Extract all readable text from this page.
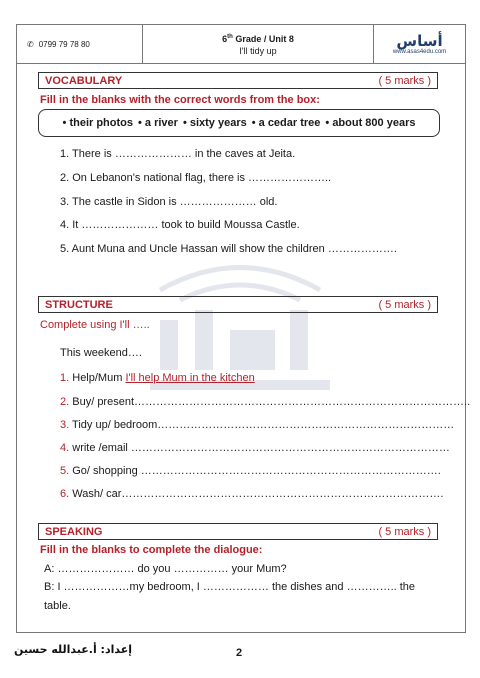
✆ 0799 79 78 80	6th Grade / Unit 8
I'll tidy up
أساس
www.asas4edu.com
VOCABULARY	( 5 marks )
Fill in the blanks with the correct words from the box:
• their photos • a river • sixty years • a cedar tree • about 800 years
1. There is ………………… in the caves at Jeita.
2. On Lebanon's national flag, there is …………………..
3. The castle in Sidon is ………………… old.
4. It ………………… took to build Moussa Castle.
5. Aunt Muna and Uncle Hassan will show the children ……………….
STRUCTURE	( 5 marks )
Complete using I'll …..
This weekend….
1. Help/Mum I'll help Mum in the kitchen
2. Buy/ present………………………………………………………………………………..
3. Tidy up/ bedroom………………………………………………………………………
4. write /email ……………………………………………………………………………
5. Go/ shopping ……………………………………………………………………….
6. Wash/ car…………………………………………………………………………….
SPEAKING	( 5 marks )
Fill in the blanks to complete the dialogue:
A: ………………… do you …………… your Mum?
B: I ………………my bedroom, I ……………… the dishes and ………….. the
table.
إعداد: أ.عبدالله حسين	2
